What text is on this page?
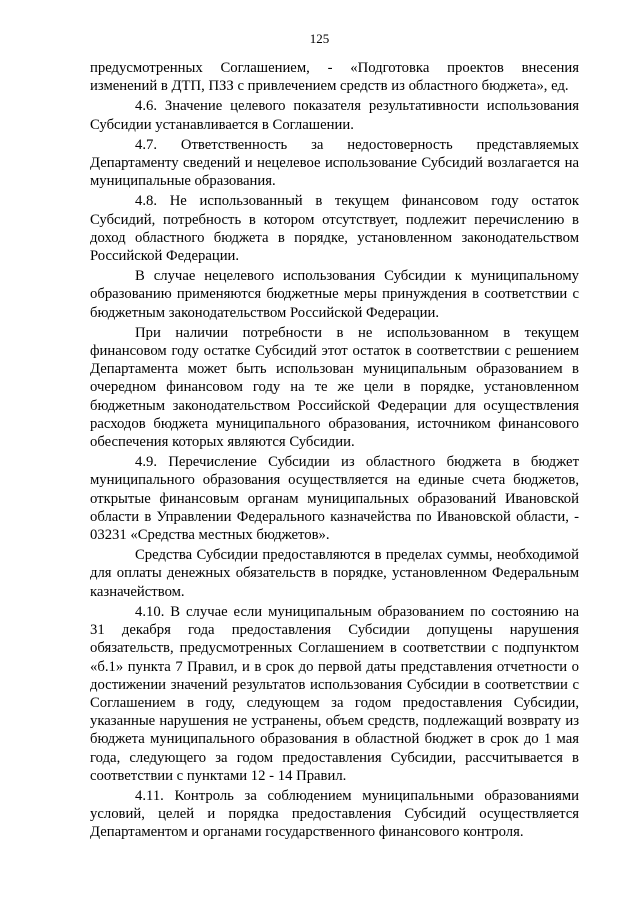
125

предусмотренных Соглашением, - «Подготовка проектов внесения изменений в ДТП, ПЗЗ с привлечением средств из областного бюджета», ед.

4.6. Значение целевого показателя результативности использования Субсидии устанавливается в Соглашении.

4.7. Ответственность за недостоверность представляемых Департаменту сведений и нецелевое использование Субсидий возлагается на муниципальные образования.

4.8. Не использованный в текущем финансовом году остаток Субсидий, потребность в котором отсутствует, подлежит перечислению в доход областного бюджета в порядке, установленном законодательством Российской Федерации.

В случае нецелевого использования Субсидии к муниципальному образованию применяются бюджетные меры принуждения в соответствии с бюджетным законодательством Российской Федерации.

При наличии потребности в не использованном в текущем финансовом году остатке Субсидий этот остаток в соответствии с решением Департамента может быть использован муниципальным образованием в очередном финансовом году на те же цели в порядке, установленном бюджетным законодательством Российской Федерации для осуществления расходов бюджета муниципального образования, источником финансового обеспечения которых являются Субсидии.

4.9. Перечисление Субсидии из областного бюджета в бюджет муниципального образования осуществляется на единые счета бюджетов, открытые финансовым органам муниципальных образований Ивановской области в Управлении Федерального казначейства по Ивановской области, - 03231 «Средства местных бюджетов».

Средства Субсидии предоставляются в пределах суммы, необходимой для оплаты денежных обязательств в порядке, установленном Федеральным казначейством.

4.10. В случае если муниципальным образованием по состоянию на 31 декабря года предоставления Субсидии допущены нарушения обязательств, предусмотренных Соглашением в соответствии с подпунктом «б.1» пункта 7 Правил, и в срок до первой даты представления отчетности о достижении значений результатов использования Субсидии в соответствии с Соглашением в году, следующем за годом предоставления Субсидии, указанные нарушения не устранены, объем средств, подлежащий возврату из бюджета муниципального образования в областной бюджет в срок до 1 мая года, следующего за годом предоставления Субсидии, рассчитывается в соответствии с пунктами 12 - 14 Правил.

4.11. Контроль за соблюдением муниципальными образованиями условий, целей и порядка предоставления Субсидий осуществляется Департаментом и органами государственного финансового контроля.
